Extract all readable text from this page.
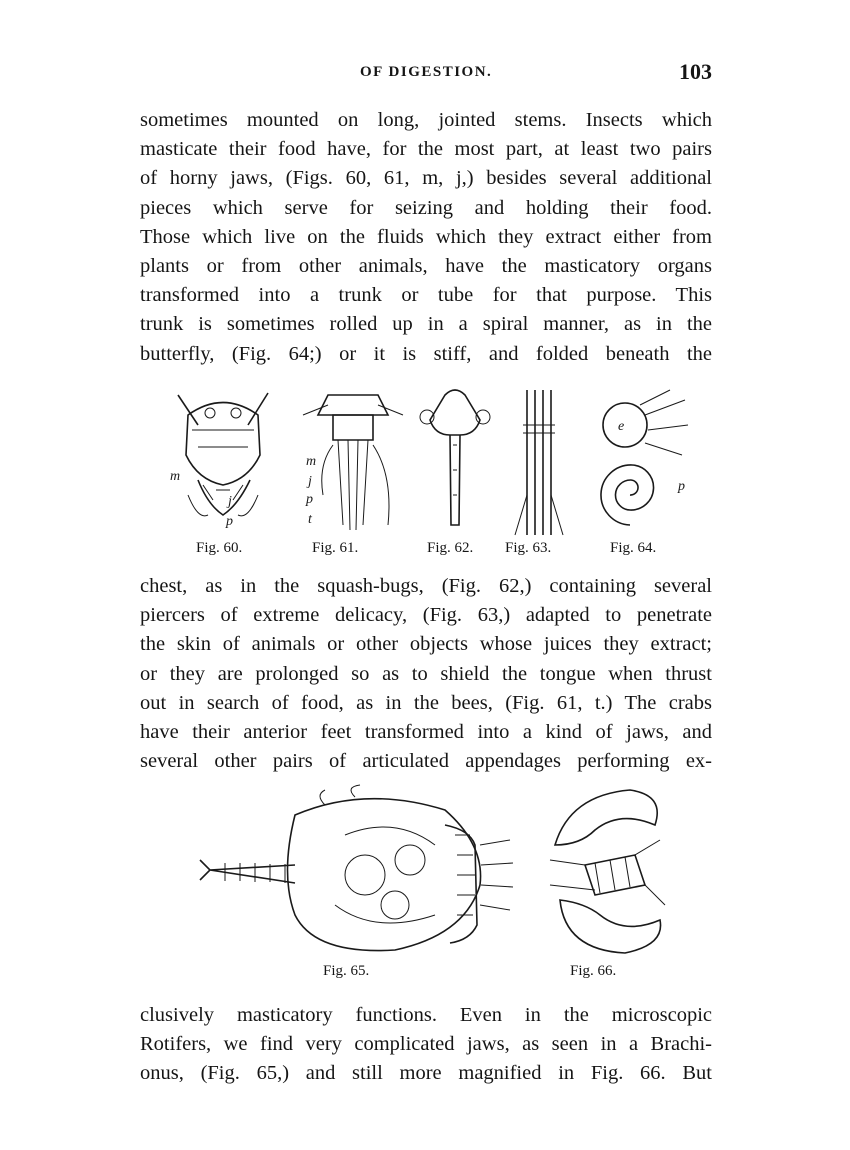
OF DIGESTION.	103
sometimes mounted on long, jointed stems. Insects which
masticate their food have, for the most part, at least two pairs
of horny jaws, (Figs. 60, 61, m, j,) besides several additional
pieces which serve for seizing and holding their food.
Those which live on the fluids which they extract either from
plants or from other animals, have the masticatory organs
transformed into a trunk or tube for that purpose. This
trunk is sometimes rolled up in a spiral manner, as in the
butterfly, (Fig. 64;) or it is stiff, and folded beneath the
m
j
p
Fig. 60.
m
j
p
t
Fig. 61.	Fig. 62. Fig. 63.
e
p
Fig. 64.
chest, as in the squash-bugs, (Fig. 62,) containing several
piercers of extreme delicacy, (Fig. 63,) adapted to penetrate
the skin of animals or other objects whose juices they extract;
or they are prolonged so as to shield the tongue when thrust
out in search of food, as in the bees, (Fig. 61, t.) The crabs
have their anterior feet transformed into a kind of jaws, and
several other pairs of articulated appendages performing ex-
Fig. 65.	Fig. 66.
clusively masticatory functions. Even in the microscopic
Rotifers, we find very complicated jaws, as seen in a Brachi-
onus, (Fig. 65,) and still more magnified in Fig. 66. But
